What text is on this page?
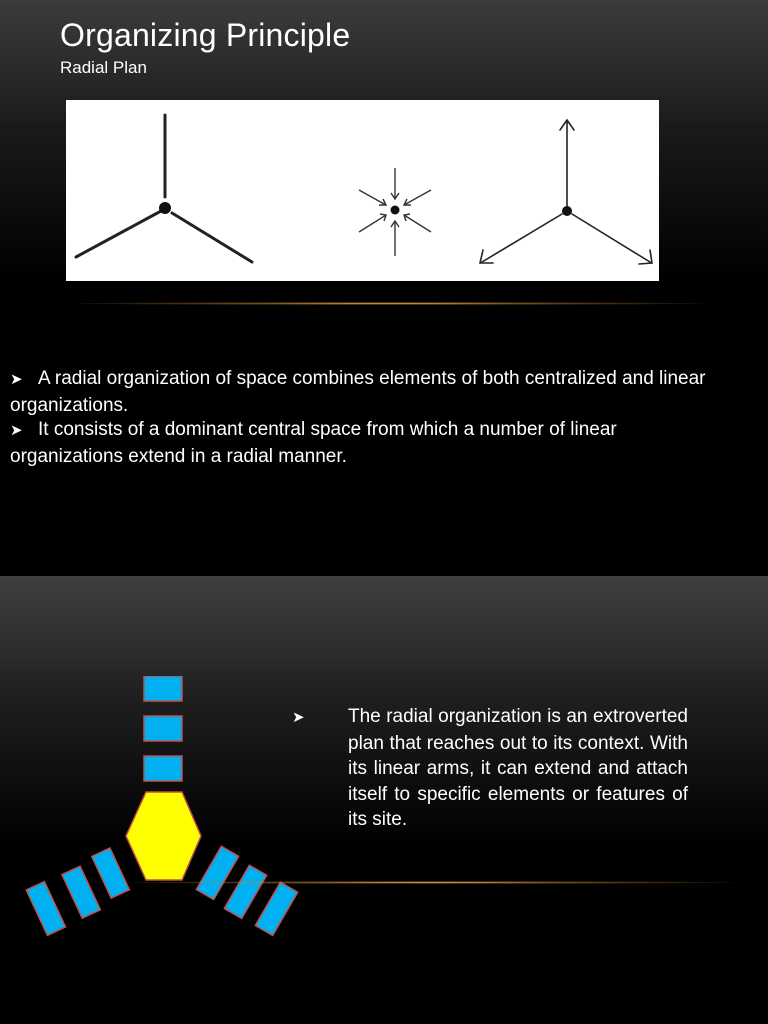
Organizing Principle
Radial Plan
➤ A radial organization of space combines elements of both centralized and linear organizations.
➤ It consists of a dominant central space from which a number of linear organizations extend in a radial manner.
➤ The radial organization is an extroverted plan that reaches out to its context. With its linear arms, it can extend and attach itself to specific elements or features of its site.
